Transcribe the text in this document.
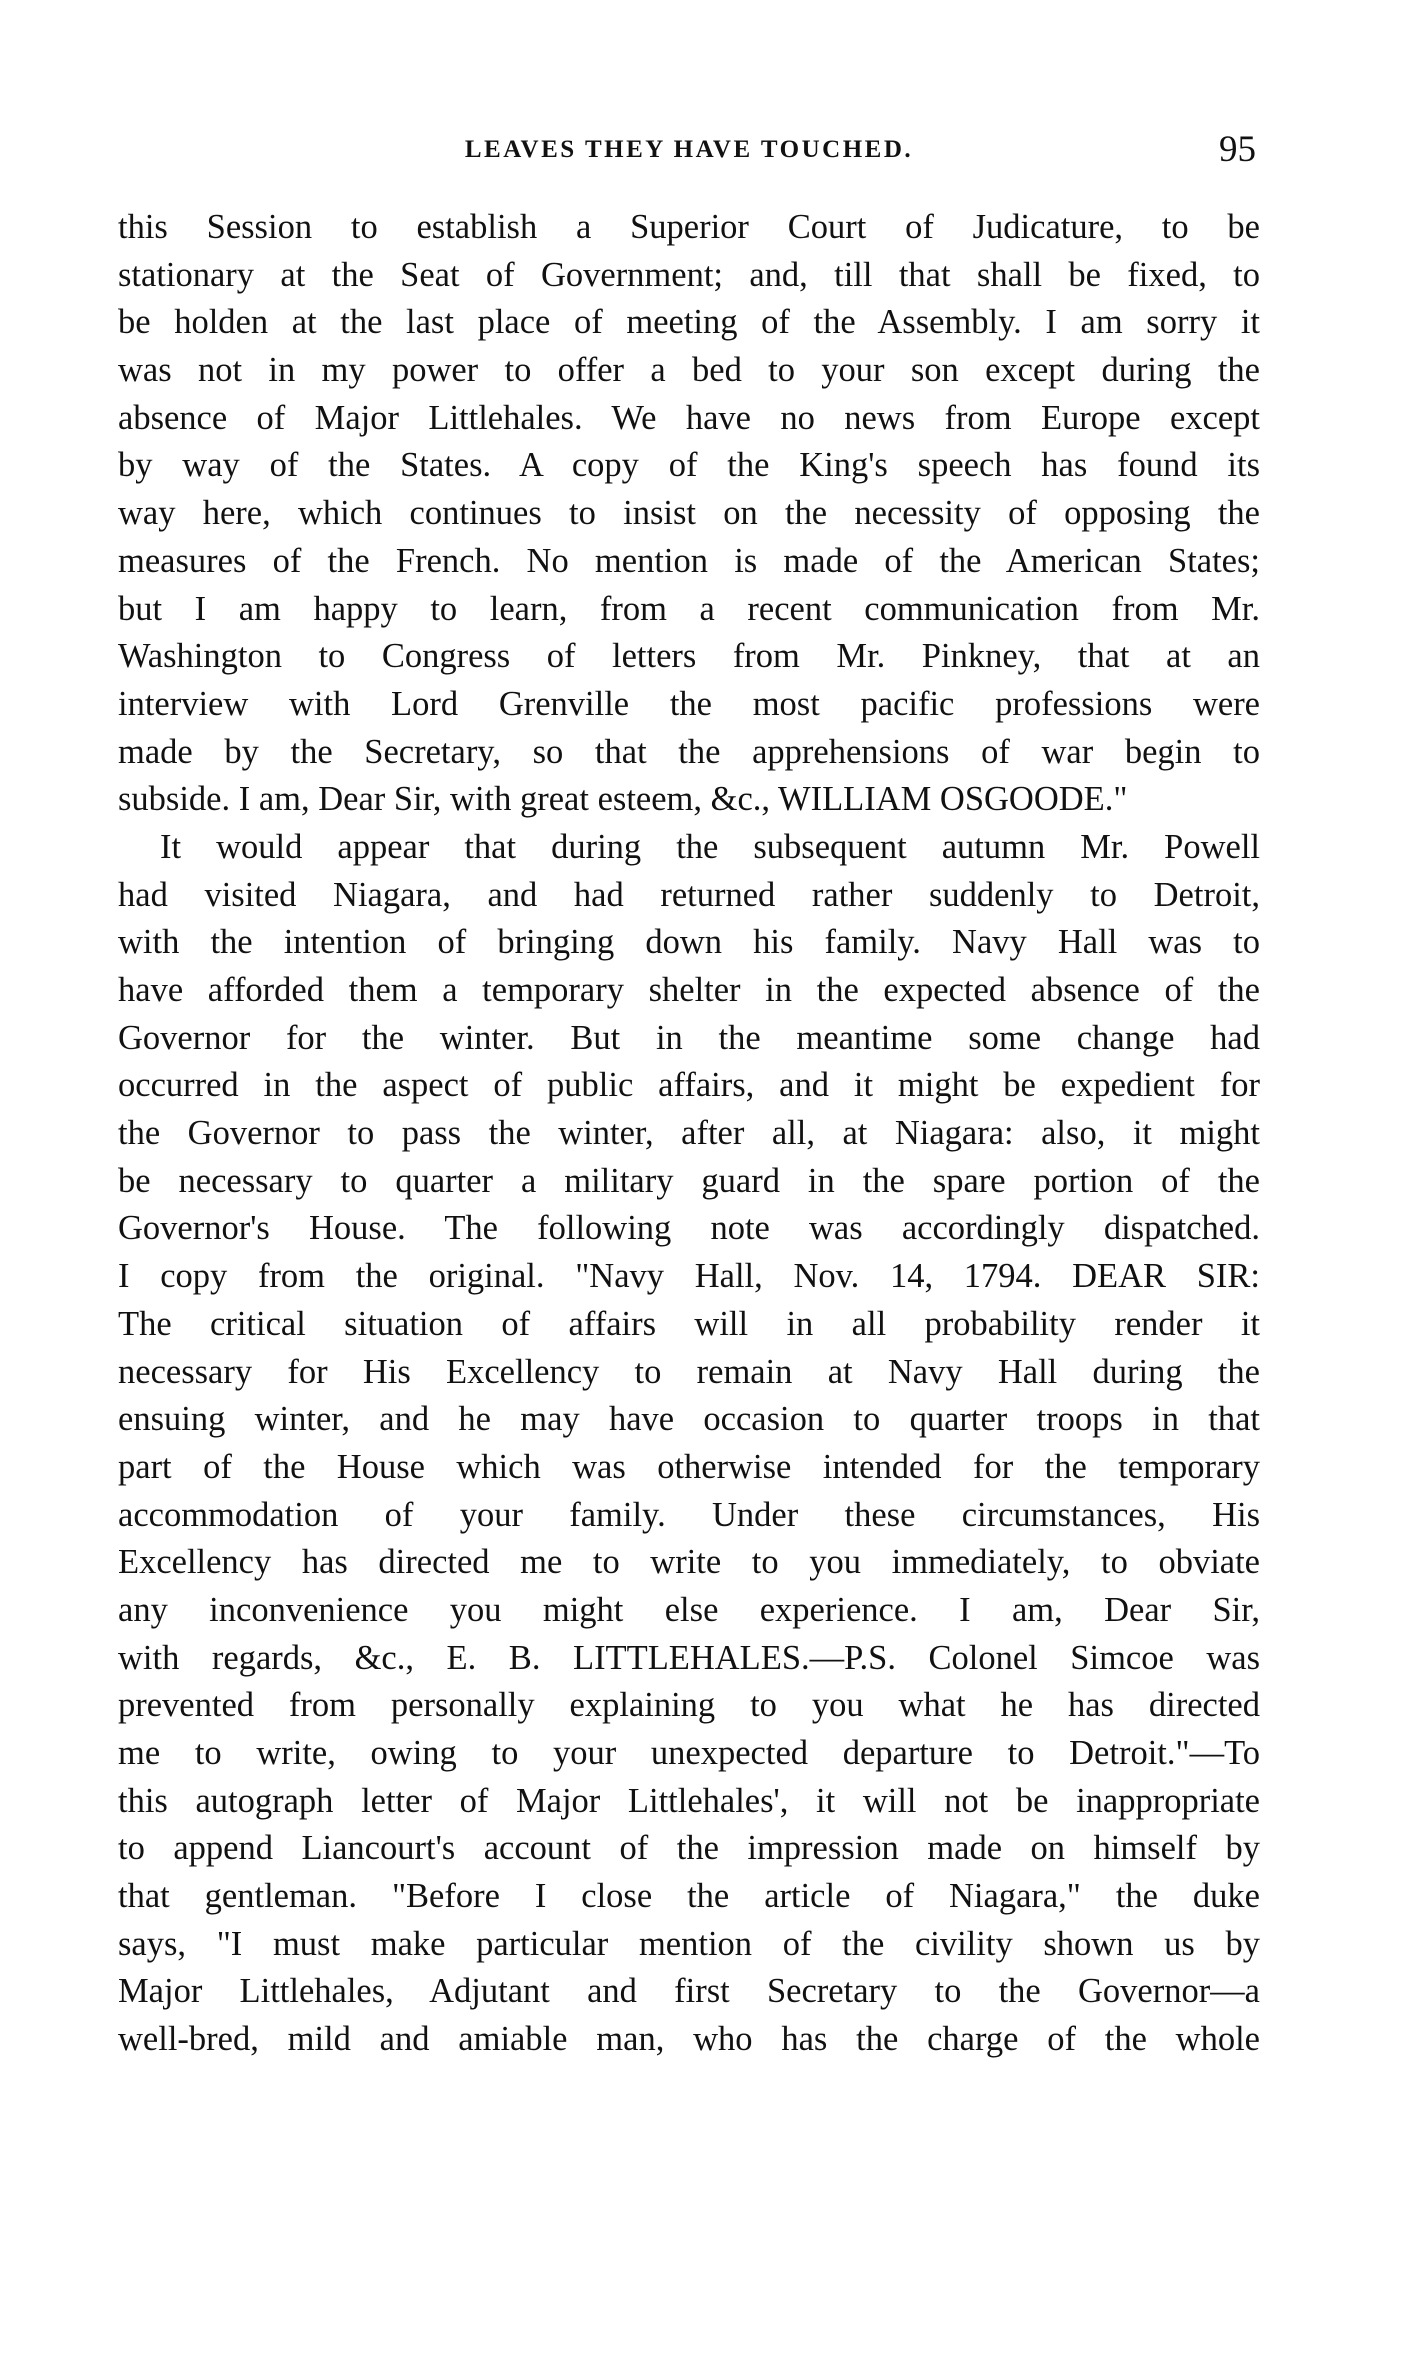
LEAVES THEY HAVE TOUCHED.	95
this Session to establish a Superior Court of Judicature, to be
stationary at the Seat of Government; and, till that shall be fixed, to
be holden at the last place of meeting of the Assembly. I am sorry it
was not in my power to offer a bed to your son except during the
absence of Major Littlehales. We have no news from Europe except
by way of the States. A copy of the King's speech has found its
way here, which continues to insist on the necessity of opposing the
measures of the French. No mention is made of the American States;
but I am happy to learn, from a recent communication from Mr.
Washington to Congress of letters from Mr. Pinkney, that at an
interview with Lord Grenville the most pacific professions were
made by the Secretary, so that the apprehensions of war begin to
subside. I am, Dear Sir, with great esteem, &c., WILLIAM OSGOODE."
It would appear that during the subsequent autumn Mr. Powell
had visited Niagara, and had returned rather suddenly to Detroit,
with the intention of bringing down his family. Navy Hall was to
have afforded them a temporary shelter in the expected absence of the
Governor for the winter. But in the meantime some change had
occurred in the aspect of public affairs, and it might be expedient for
the Governor to pass the winter, after all, at Niagara: also, it might
be necessary to quarter a military guard in the spare portion of the
Governor's House. The following note was accordingly dispatched.
I copy from the original. "Navy Hall, Nov. 14, 1794. DEAR SIR:
The critical situation of affairs will in all probability render it
necessary for His Excellency to remain at Navy Hall during the
ensuing winter, and he may have occasion to quarter troops in that
part of the House which was otherwise intended for the temporary
accommodation of your family. Under these circumstances, His
Excellency has directed me to write to you immediately, to obviate
any inconvenience you might else experience. I am, Dear Sir,
with regards, &c., E. B. LITTLEHALES.—P.S. Colonel Simcoe was
prevented from personally explaining to you what he has directed
me to write, owing to your unexpected departure to Detroit."—To
this autograph letter of Major Littlehales', it will not be inappropriate
to append Liancourt's account of the impression made on himself by
that gentleman. "Before I close the article of Niagara," the duke
says, "I must make particular mention of the civility shown us by
Major Littlehales, Adjutant and first Secretary to the Governor—a
well-bred, mild and amiable man, who has the charge of the whole
